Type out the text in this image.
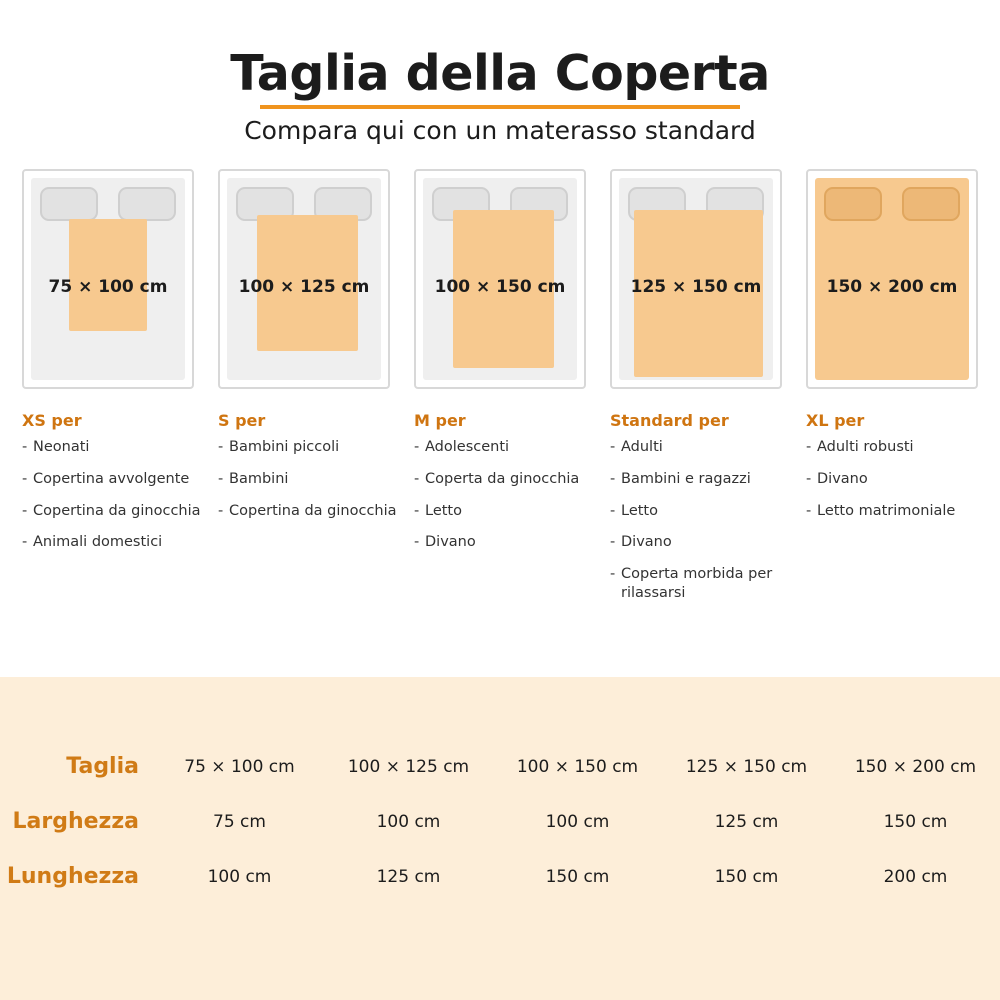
Taglia della Coperta
Compara qui con un materasso standard
75 × 100 cm
XS per
- Neonati
- Copertina avvolgente
- Copertina da ginocchia
- Animali domestici
100 × 125 cm
S per
- Bambini piccoli
- Bambini
- Copertina da ginocchia
100 × 150 cm
M per
- Adolescenti
- Coperta da ginocchia
- Letto
- Divano
125 × 150 cm
Standard per
- Adulti
- Bambini e ragazzi
- Letto
- Divano
- Coperta morbida per rilassarsi
150 × 200 cm
XL per
- Adulti robusti
- Divano
- Letto matrimoniale
Taglia	75 × 100 cm	100 × 125 cm	100 × 150 cm	125 × 150 cm	150 × 200 cm
Larghezza	75 cm	100 cm	100 cm	125 cm	150 cm
Lunghezza	100 cm	125 cm	150 cm	150 cm	200 cm
